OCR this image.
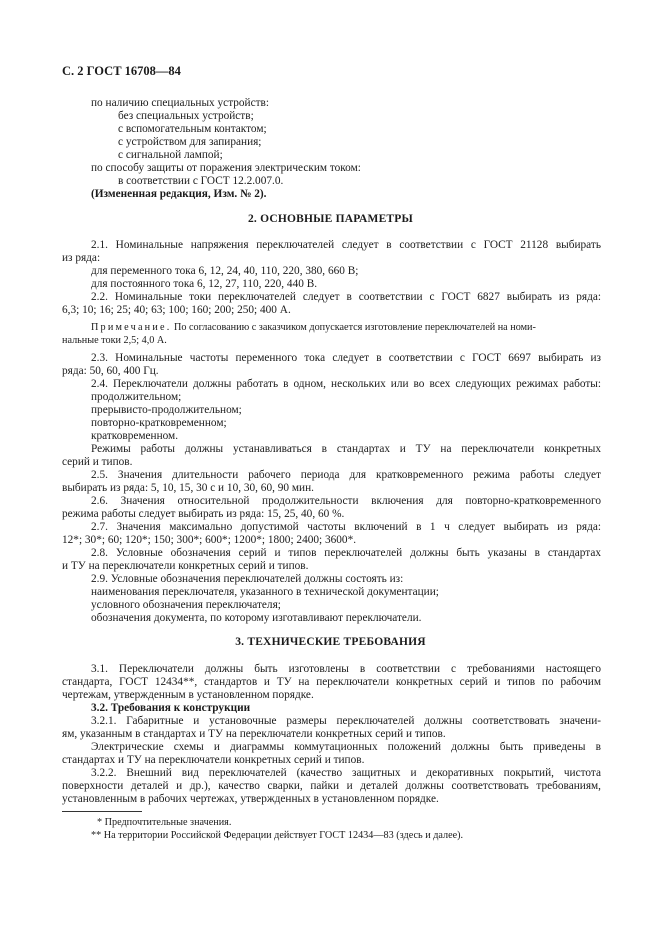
С. 2 ГОСТ 16708—84
по наличию специальных устройств:
без специальных устройств;
с вспомогательным контактом;
с устройством для запирания;
с сигнальной лампой;
по способу защиты от поражения электрическим током:
в соответствии с ГОСТ 12.2.007.0.
(Измененная редакция, Изм. № 2).
2. ОСНОВНЫЕ ПАРАМЕТРЫ
2.1. Номинальные напряжения переключателей следует в соответствии с ГОСТ 21128 выбирать
из ряда:
для переменного тока 6, 12, 24, 40, 110, 220, 380, 660 В;
для постоянного тока 6, 12, 27, 110, 220, 440 В.
2.2. Номинальные токи переключателей следует в соответствии с ГОСТ 6827 выбирать из ряда:
6,3; 10; 16; 25; 40; 63; 100; 160; 200; 250; 400 А.
Примечание. По согласованию с заказчиком допускается изготовление переключателей на номи-
нальные токи 2,5; 4,0 А.
2.3. Номинальные частоты переменного тока следует в соответствии с ГОСТ 6697 выбирать из
ряда: 50, 60, 400 Гц.
2.4. Переключатели должны работать в одном, нескольких или во всех следующих режимах работы:
продолжительном;
прерывисто-продолжительном;
повторно-кратковременном;
кратковременном.
Режимы работы должны устанавливаться в стандартах и ТУ на переключатели конкретных
серий и типов.
2.5. Значения длительности рабочего периода для кратковременного режима работы следует
выбирать из ряда: 5, 10, 15, 30 с и 10, 30, 60, 90 мин.
2.6. Значения относительной продолжительности включения для повторно-кратковременного
режима работы следует выбирать из ряда: 15, 25, 40, 60 %.
2.7. Значения максимально допустимой частоты включений в 1 ч следует выбирать из ряда:
12*; 30*; 60; 120*; 150; 300*; 600*; 1200*; 1800; 2400; 3600*.
2.8. Условные обозначения серий и типов переключателей должны быть указаны в стандартах
и ТУ на переключатели конкретных серий и типов.
2.9. Условные обозначения переключателей должны состоять из:
наименования переключателя, указанного в технической документации;
условного обозначения переключателя;
обозначения документа, по которому изготавливают переключатели.
3. ТЕХНИЧЕСКИЕ ТРЕБОВАНИЯ
3.1. Переключатели должны быть изготовлены в соответствии с требованиями настоящего
стандарта, ГОСТ 12434**, стандартов и ТУ на переключатели конкретных серий и типов по рабочим
чертежам, утвержденным в установленном порядке.
3.2. Требования к конструкции
3.2.1. Габаритные и установочные размеры переключателей должны соответствовать значени-
ям, указанным в стандартах и ТУ на переключатели конкретных серий и типов.
Электрические схемы и диаграммы коммутационных положений должны быть приведены в
стандартах и ТУ на переключатели конкретных серий и типов.
3.2.2. Внешний вид переключателей (качество защитных и декоративных покрытий, чистота
поверхности деталей и др.), качество сварки, пайки и деталей должны соответствовать требованиям,
установленным в рабочих чертежах, утвержденных в установленном порядке.
* Предпочтительные значения.
** На территории Российской Федерации действует ГОСТ 12434—83 (здесь и далее).
